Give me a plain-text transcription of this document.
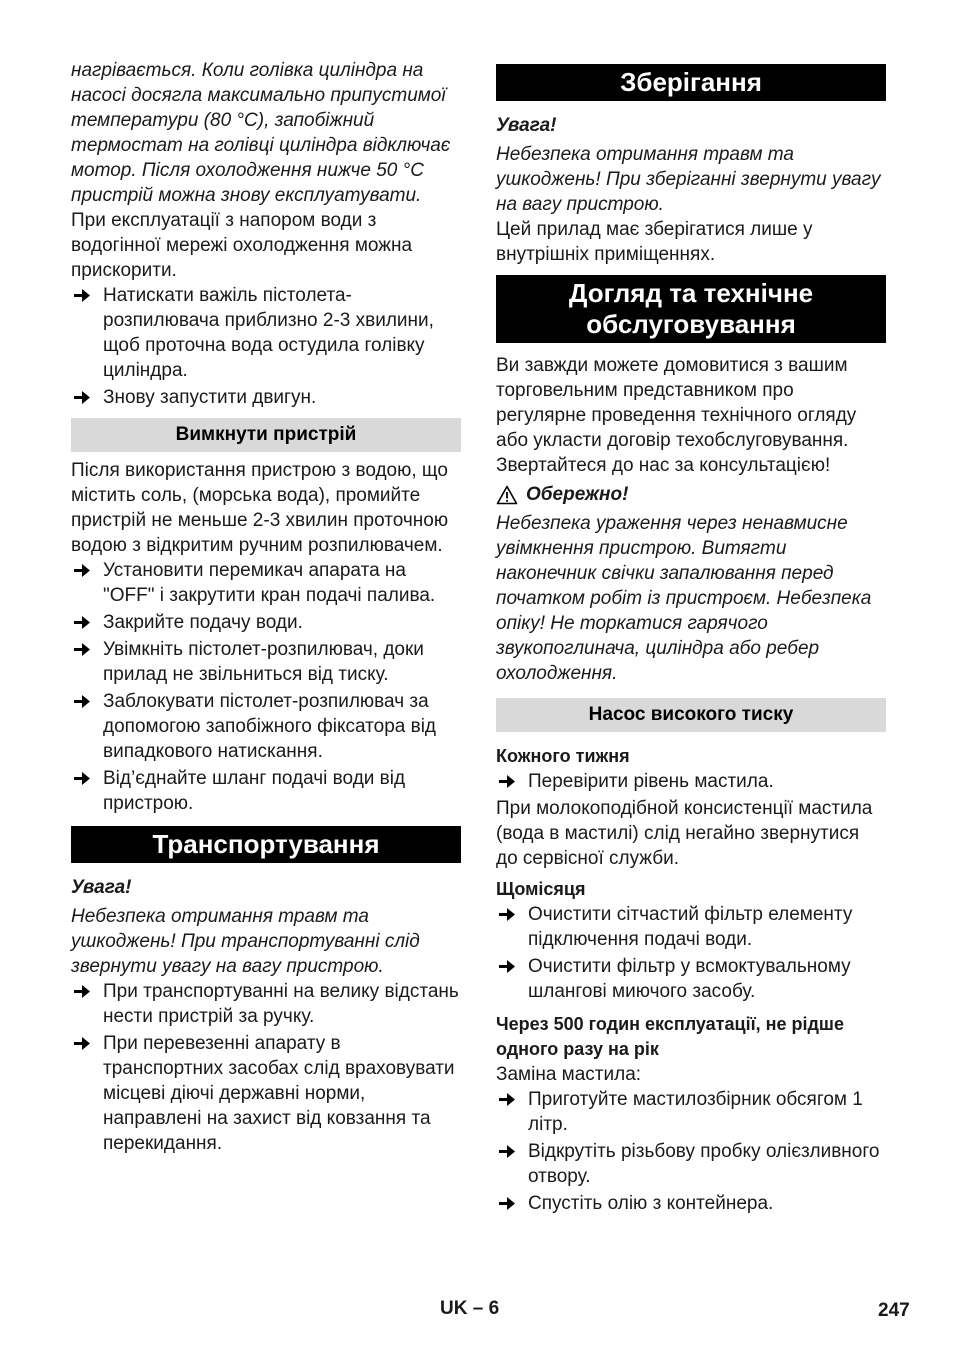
нагрівається. Коли голівка циліндра на насосі досягла максимально припустимої температури (80 °C), запобіжний термостат на голівці циліндра відключає мотор. Після охолодження нижче 50 °C пристрій можна знову експлуатувати.

При експлуатації з напором води з водогінної мережі охолодження можна прискорити.

Натискати важіль пістолета-розпилювача приблизно 2-3 хвилини, щоб проточна вода остудила голівку циліндра.
Знову запустити двигун.
Вимкнути пристрій

Після використання пристрою з водою, що містить соль, (морська вода), промийте пристрій не меньше 2-3 хвилин проточною водою з відкритим ручним розпилювачем.

Установити перемикач апарата на "OFF" і закрутити кран подачі палива.
Закрийте подачу води.
Увімкніть пістолет-розпилювач, доки прилад не звільниться від тиску.
Заблокувати пістолет-розпилювач за допомогою запобіжного фіксатора від випадкового натискання.
Від’єднайте шланг подачі води від пристрою.
Транспортування

Увага!

Небезпека отримання травм та ушкоджень! При транспортуванні слід звернути увагу на вагу пристрою.

При транспортуванні на велику відстань нести пристрій за ручку.
При перевезенні апарату в транспортних засобах слід враховувати місцеві діючі державні норми, направлені на захист від ковзання та перекидання.
Зберігання

Увага!

Небезпека отримання травм та ушкоджень! При зберіганні звернути увагу на вагу пристрою.

Цей прилад має зберігатися лише у внутрішніх приміщеннях.

Догляд та технічне обслуговування

Ви завжди можете домовитися з вашим торговельним представником про регулярне проведення технічного огляду або укласти договір техобслуговування. Звертайтеся до нас за консультацією!

Обережно!

Небезпека ураження через ненавмисне увімкнення пристрою. Витягти наконечник свічки запалювання перед початком робіт із пристроєм. Небезпека опіку! Не торкатися гарячого звукопоглинача, циліндра або ребер охолодження.

Насос високого тиску
Кожного тижня
Перевірити рівень мастила.

При молокоподібной консистенції мастила (вода в мастилі) слід негайно звернутися до сервісної служби.

Щомісяця
Очистити сітчастий фільтр елементу підключення подачі води.
Очистити фільтр у всмоктувальному шлангові миючого засобу.
Через 500 годин експлуатації, не рідше одного разу на рік

Заміна мастила:

Приготуйте мастилозбірник обсягом 1 літр.
Відкрутіть різьбову пробку олієзливного отвору.
Спустіть олію з контейнера.
UK – 6	247
